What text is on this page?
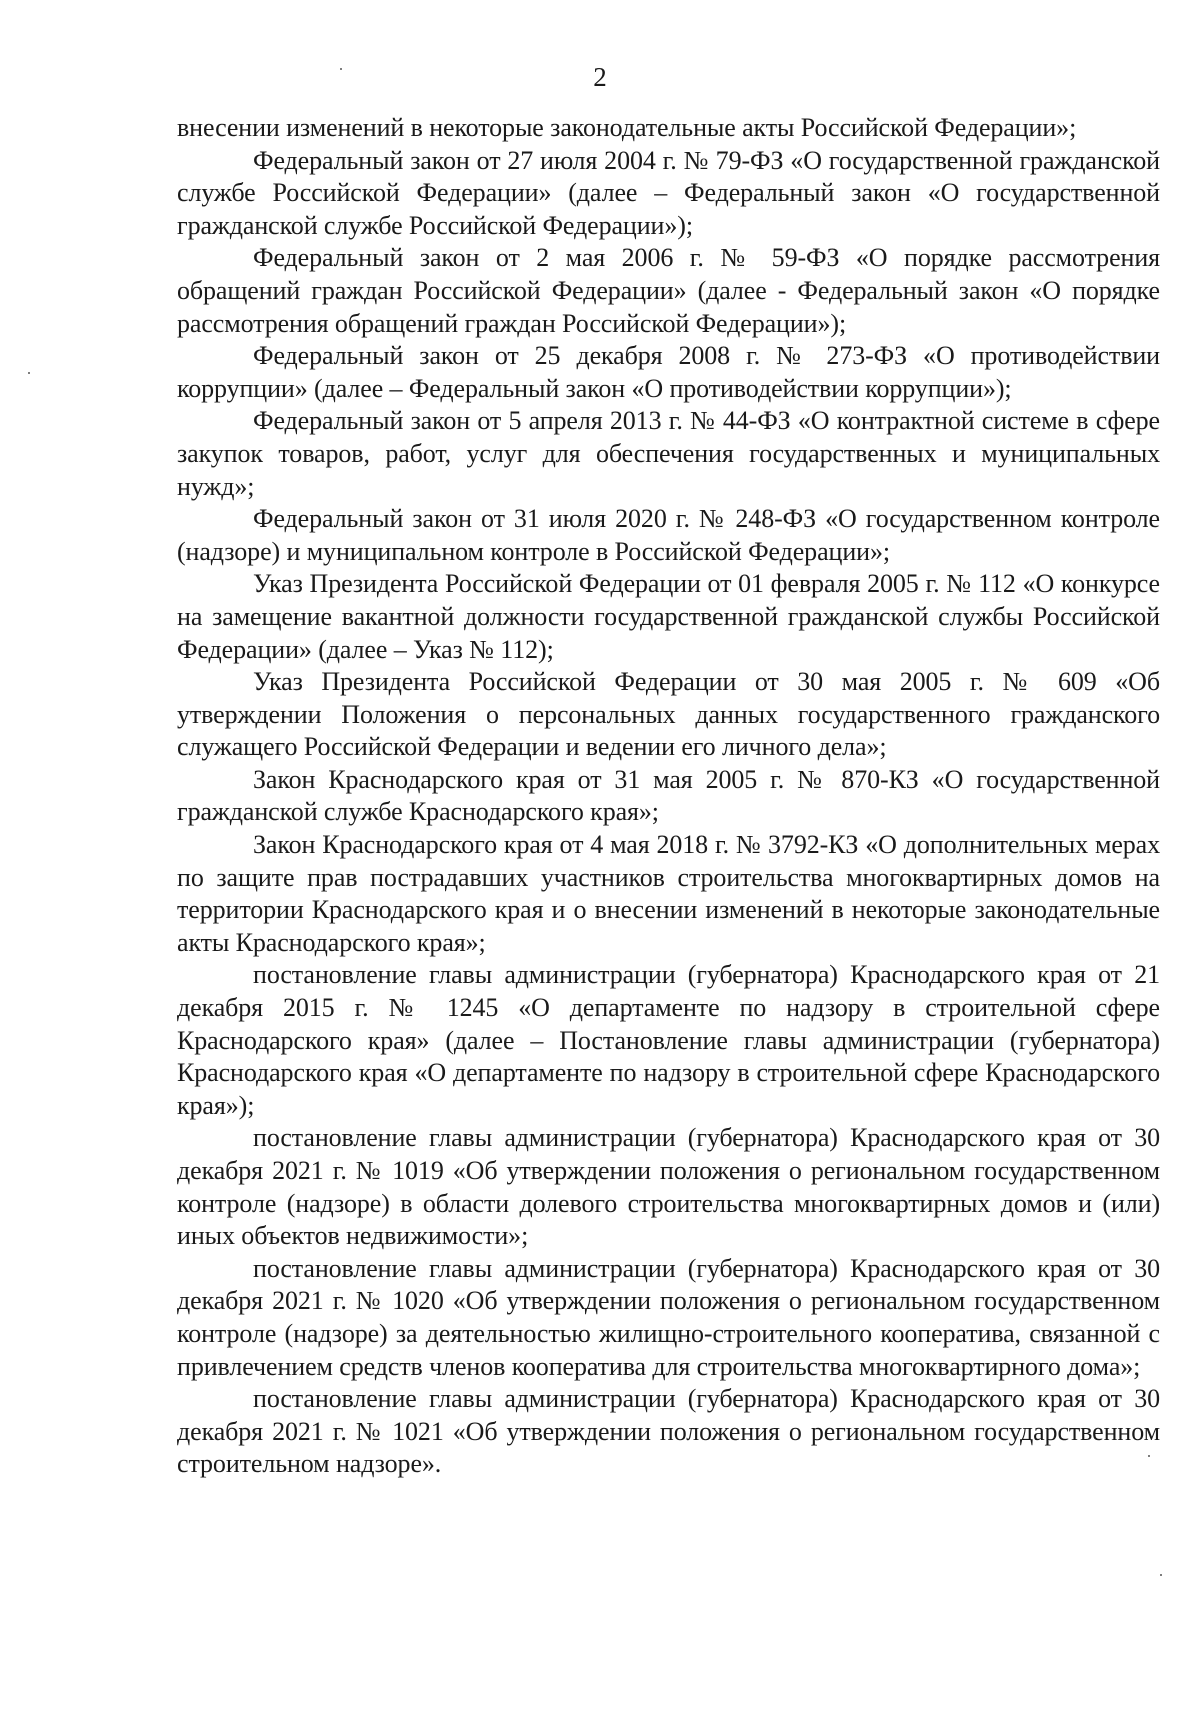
2

внесении изменений в некоторые законодательные акты Российской Федерации»;

Федеральный закон от 27 июля 2004 г. № 79-ФЗ «О государственной гражданской службе Российской Федерации» (далее – Федеральный закон «О государственной гражданской службе Российской Федерации»);

Федеральный закон от 2 мая 2006 г. № 59-ФЗ «О порядке рассмотрения обращений граждан Российской Федерации» (далее - Федеральный закон «О порядке рассмотрения обращений граждан Российской Федерации»);

Федеральный закон от 25 декабря 2008 г. № 273-ФЗ «О противодействии коррупции» (далее – Федеральный закон «О противодействии коррупции»);

Федеральный закон от 5 апреля 2013 г. № 44-ФЗ «О контрактной системе в сфере закупок товаров, работ, услуг для обеспечения государственных и муниципальных нужд»;

Федеральный закон от 31 июля 2020 г. № 248-ФЗ «О государственном контроле (надзоре) и муниципальном контроле в Российской Федерации»;

Указ Президента Российской Федерации от 01 февраля 2005 г. № 112 «О конкурсе на замещение вакантной должности государственной гражданской службы Российской Федерации» (далее – Указ № 112);

Указ Президента Российской Федерации от 30 мая 2005 г. № 609 «Об утверждении Положения о персональных данных государственного гражданского служащего Российской Федерации и ведении его личного дела»;

Закон Краснодарского края от 31 мая 2005 г. № 870-КЗ «О государственной гражданской службе Краснодарского края»;

Закон Краснодарского края от 4 мая 2018 г. № 3792-КЗ «О дополнительных мерах по защите прав пострадавших участников строительства многоквартирных домов на территории Краснодарского края и о внесении изменений в некоторые законодательные акты Краснодарского края»;

постановление главы администрации (губернатора) Краснодарского края от 21 декабря 2015 г. № 1245 «О департаменте по надзору в строительной сфере Краснодарского края» (далее – Постановление главы администрации (губернатора) Краснодарского края «О департаменте по надзору в строительной сфере Краснодарского края»);

постановление главы администрации (губернатора) Краснодарского края от 30 декабря 2021 г. № 1019 «Об утверждении положения о региональном государственном контроле (надзоре) в области долевого строительства многоквартирных домов и (или) иных объектов недвижимости»;

постановление главы администрации (губернатора) Краснодарского края от 30 декабря 2021 г. № 1020 «Об утверждении положения о региональном государственном контроле (надзоре) за деятельностью жилищно-строительного кооператива, связанной с привлечением средств членов кооператива для строительства многоквартирного дома»;

постановление главы администрации (губернатора) Краснодарского края от 30 декабря 2021 г. № 1021 «Об утверждении положения о региональном государственном строительном надзоре».
